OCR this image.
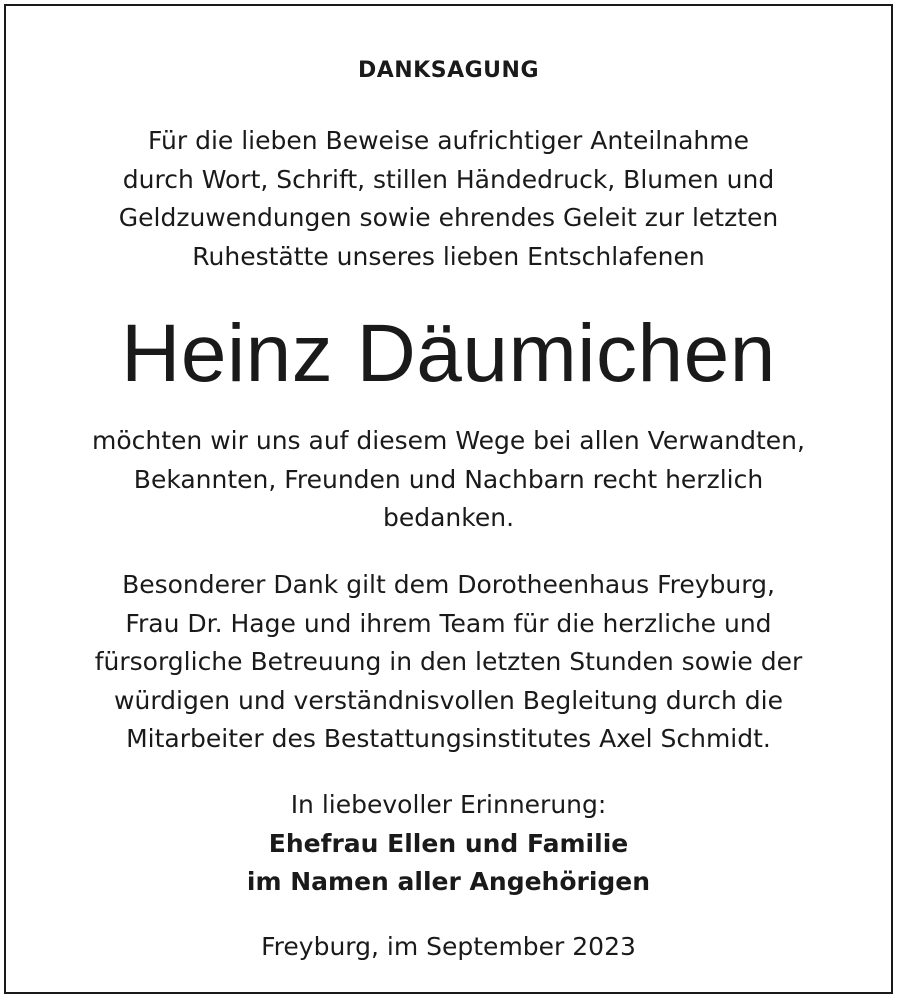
DANKSAGUNG
Für die lieben Beweise aufrichtiger Anteilnahme
durch Wort, Schrift, stillen Händedruck, Blumen und
Geldzuwendungen sowie ehrendes Geleit zur letzten
Ruhestätte unseres lieben Entschlafenen
Heinz Däumichen
möchten wir uns auf diesem Wege bei allen Verwandten,
Bekannten, Freunden und Nachbarn recht herzlich
bedanken.
Besonderer Dank gilt dem Dorotheenhaus Freyburg,
Frau Dr. Hage und ihrem Team für die herzliche und
fürsorgliche Betreuung in den letzten Stunden sowie der
würdigen und verständnisvollen Begleitung durch die
Mitarbeiter des Bestattungsinstitutes Axel Schmidt.
In liebevoller Erinnerung:
Ehefrau Ellen und Familie
im Namen aller Angehörigen
Freyburg, im September 2023
